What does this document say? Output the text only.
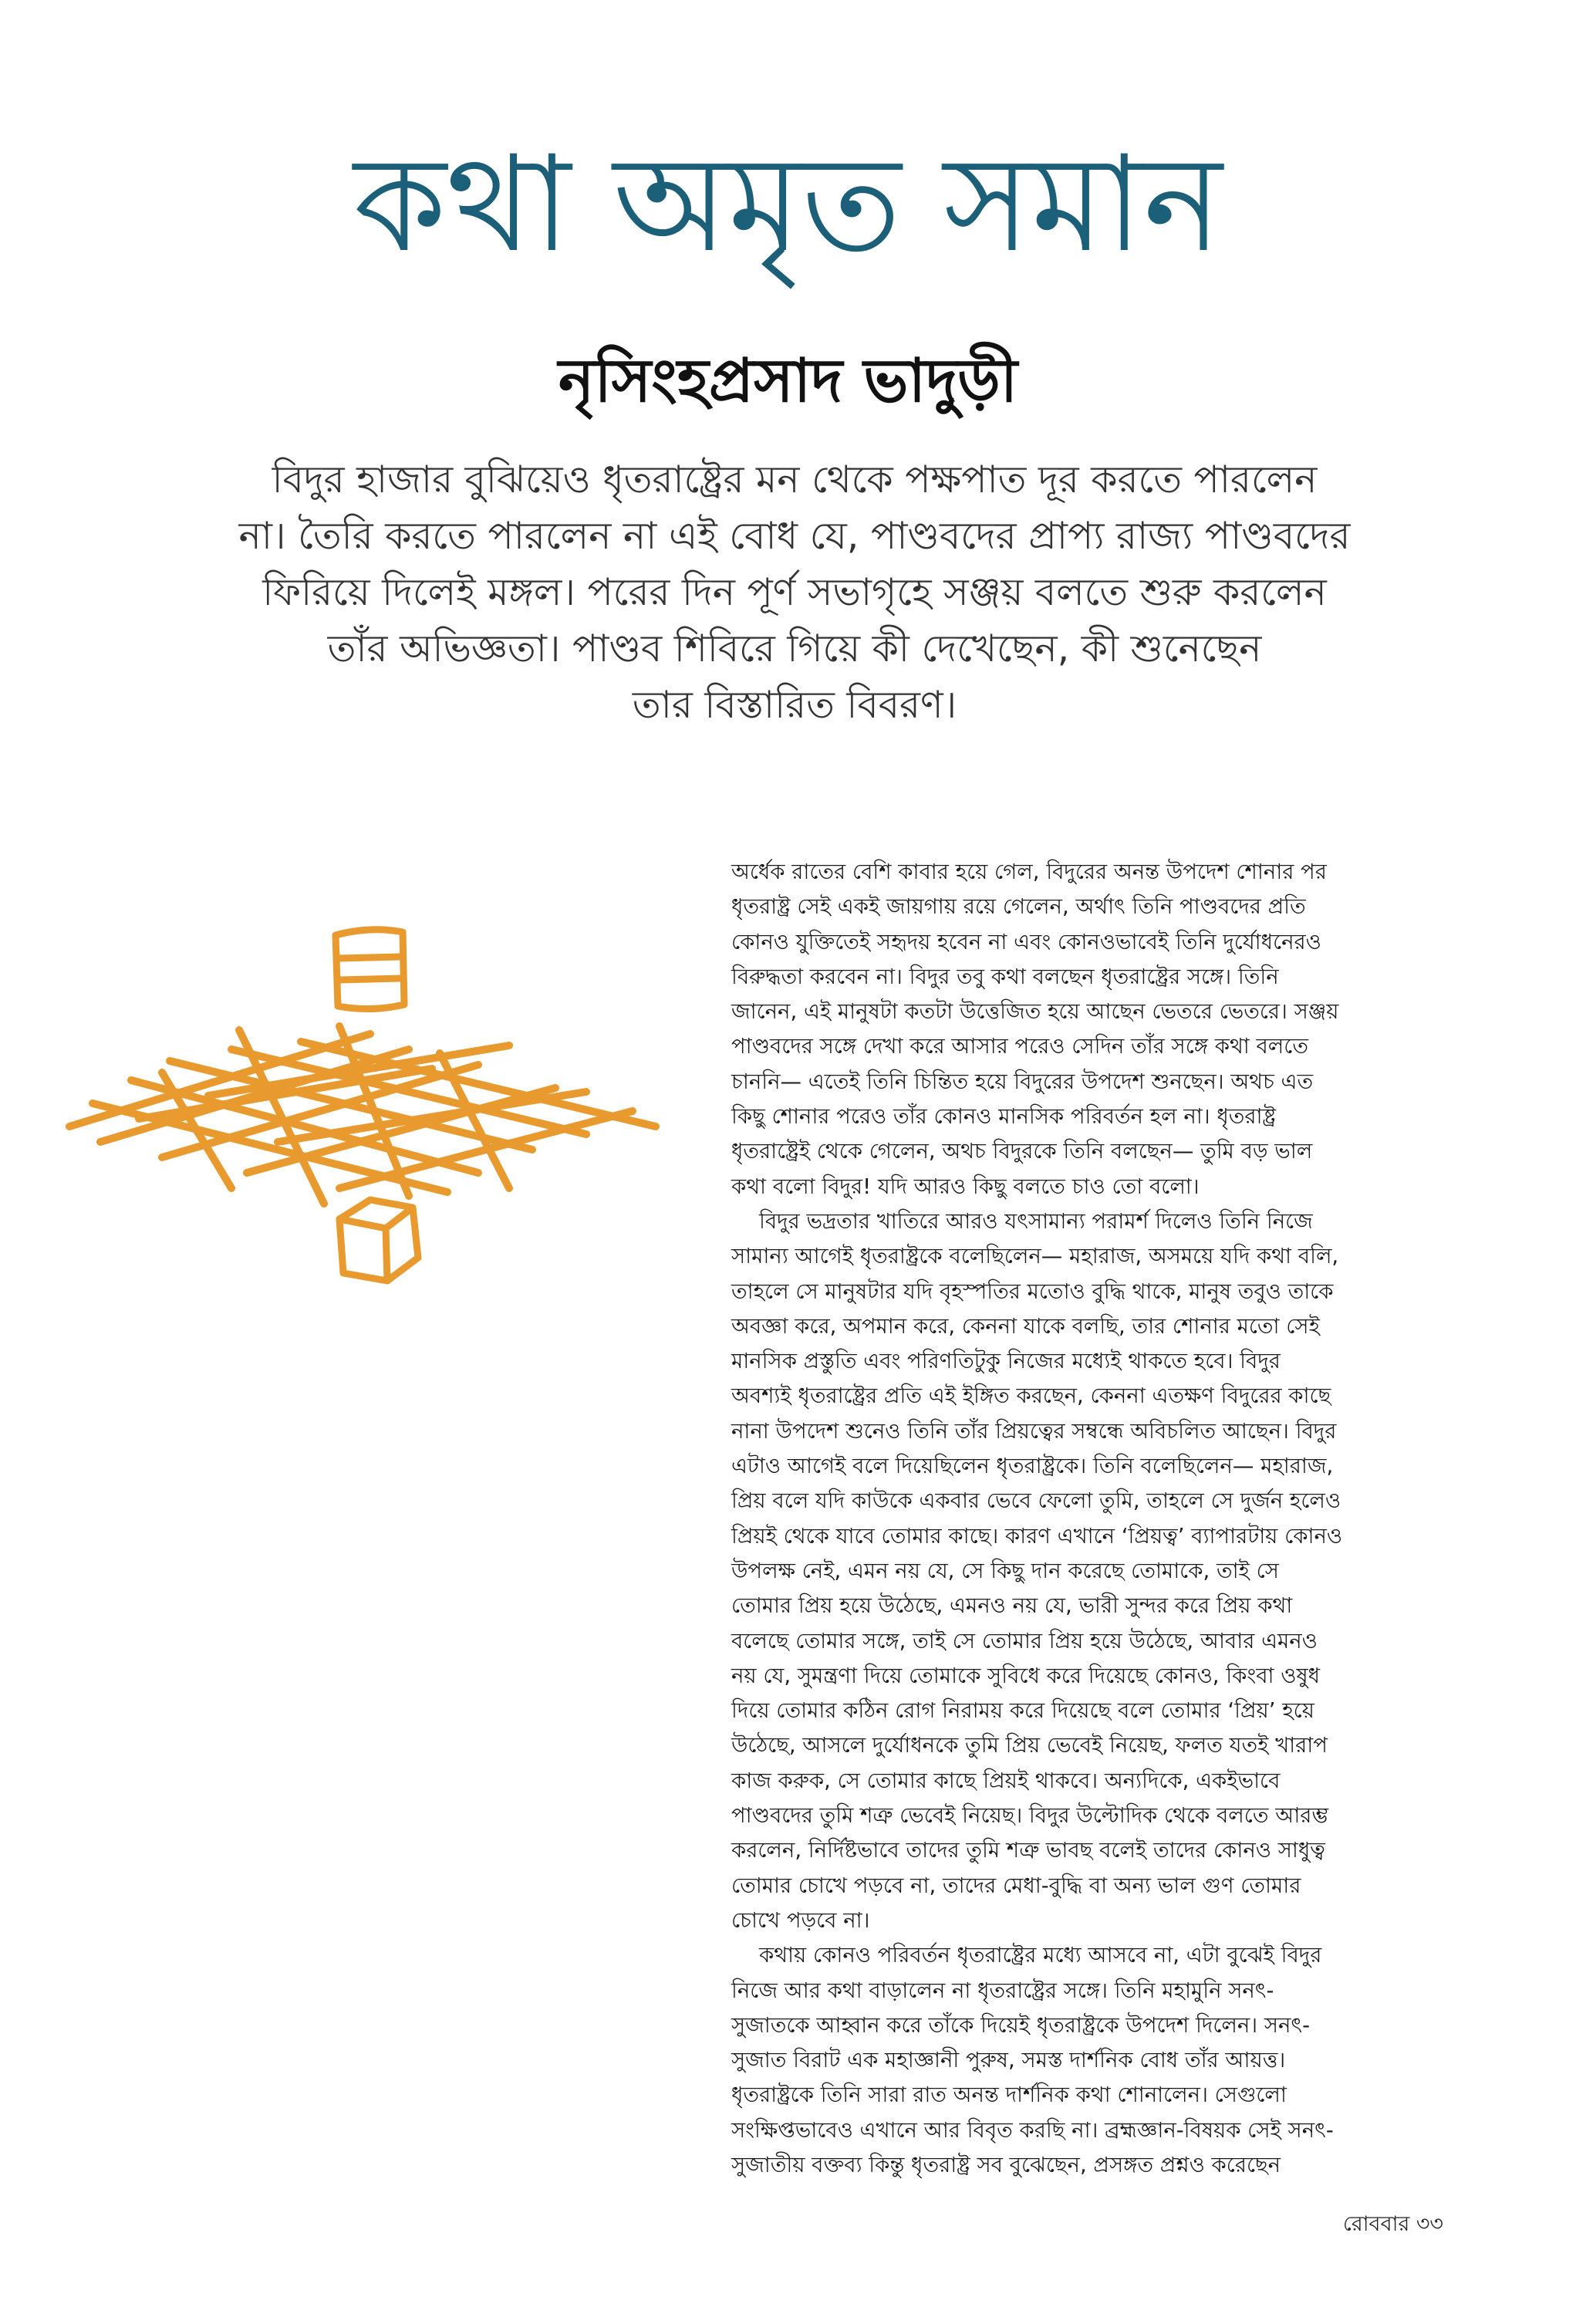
কথা অমৃত সমান
নৃসিংহপ্রসাদ ভাদুড়ী
বিদুর হাজার বুঝিয়েও ধৃতরাষ্ট্রের মন থেকে পক্ষপাত দূর করতে পারলেন
না। তৈরি করতে পারলেন না এই বোধ যে, পাণ্ডবদের প্রাপ্য রাজ্য পাণ্ডবদের
ফিরিয়ে দিলেই মঙ্গল। পরের দিন পূর্ণ সভাগৃহে সঞ্জয় বলতে শুরু করলেন
তাঁর অভিজ্ঞতা। পাণ্ডব শিবিরে গিয়ে কী দেখেছেন, কী শুনেছেন
তার বিস্তারিত বিবরণ।
অর্ধেক রাতের বেশি কাবার হয়ে গেল, বিদুরের অনন্ত উপদেশ শোনার পর
ধৃতরাষ্ট্র সেই একই জায়গায় রয়ে গেলেন, অর্থাৎ তিনি পাণ্ডবদের প্রতি
কোনও যুক্তিতেই সহৃদয় হবেন না এবং কোনওভাবেই তিনি দুর্যোধনেরও
বিরুদ্ধতা করবেন না। বিদুর তবু কথা বলছেন ধৃতরাষ্ট্রের সঙ্গে। তিনি
জানেন, এই মানুষটা কতটা উত্তেজিত হয়ে আছেন ভেতরে ভেতরে। সঞ্জয়
পাণ্ডবদের সঙ্গে দেখা করে আসার পরেও সেদিন তাঁর সঙ্গে কথা বলতে
চাননি— এতেই তিনি চিন্তিত হয়ে বিদুরের উপদেশ শুনছেন। অথচ এত
কিছু শোনার পরেও তাঁর কোনও মানসিক পরিবর্তন হল না। ধৃতরাষ্ট্র
ধৃতরাষ্ট্রেই থেকে গেলেন, অথচ বিদুরকে তিনি বলছেন— তুমি বড় ভাল
কথা বলো বিদুর! যদি আরও কিছু বলতে চাও তো বলো।
বিদুর ভদ্রতার খাতিরে আরও যৎসামান্য পরামর্শ দিলেও তিনি নিজে
সামান্য আগেই ধৃতরাষ্ট্রকে বলেছিলেন— মহারাজ, অসময়ে যদি কথা বলি,
তাহলে সে মানুষটার যদি বৃহস্পতির মতোও বুদ্ধি থাকে, মানুষ তবুও তাকে
অবজ্ঞা করে, অপমান করে, কেননা যাকে বলছি, তার শোনার মতো সেই
মানসিক প্রস্তুতি এবং পরিণতিটুকু নিজের মধ্যেই থাকতে হবে। বিদুর
অবশ্যই ধৃতরাষ্ট্রের প্রতি এই ইঙ্গিত করছেন, কেননা এতক্ষণ বিদুরের কাছে
নানা উপদেশ শুনেও তিনি তাঁর প্রিয়ত্বের সম্বন্ধে অবিচলিত আছেন। বিদুর
এটাও আগেই বলে দিয়েছিলেন ধৃতরাষ্ট্রকে। তিনি বলেছিলেন— মহারাজ,
প্রিয় বলে যদি কাউকে একবার ভেবে ফেলো তুমি, তাহলে সে দুর্জন হলেও
প্রিয়ই থেকে যাবে তোমার কাছে। কারণ এখানে ‘প্রিয়ত্ব’ ব্যাপারটায় কোনও
উপলক্ষ নেই, এমন নয় যে, সে কিছু দান করেছে তোমাকে, তাই সে
তোমার প্রিয় হয়ে উঠেছে, এমনও নয় যে, ভারী সুন্দর করে প্রিয় কথা
বলেছে তোমার সঙ্গে, তাই সে তোমার প্রিয় হয়ে উঠেছে, আবার এমনও
নয় যে, সুমন্ত্রণা দিয়ে তোমাকে সুবিধে করে দিয়েছে কোনও, কিংবা ওষুধ
দিয়ে তোমার কঠিন রোগ নিরাময় করে দিয়েছে বলে তোমার ‘প্রিয়’ হয়ে
উঠেছে, আসলে দুর্যোধনকে তুমি প্রিয় ভেবেই নিয়েছ, ফলত যতই খারাপ
কাজ করুক, সে তোমার কাছে প্রিয়ই থাকবে। অন্যদিকে, একইভাবে
পাণ্ডবদের তুমি শত্রু ভেবেই নিয়েছ। বিদুর উল্টোদিক থেকে বলতে আরম্ভ
করলেন, নির্দিষ্টভাবে তাদের তুমি শত্রু ভাবছ বলেই তাদের কোনও সাধুত্ব
তোমার চোখে পড়বে না, তাদের মেধা-বুদ্ধি বা অন্য ভাল গুণ তোমার
চোখে পড়বে না।
কথায় কোনও পরিবর্তন ধৃতরাষ্ট্রের মধ্যে আসবে না, এটা বুঝেই বিদুর
নিজে আর কথা বাড়ালেন না ধৃতরাষ্ট্রের সঙ্গে। তিনি মহামুনি সনৎ-
সুজাতকে আহ্বান করে তাঁকে দিয়েই ধৃতরাষ্ট্রকে উপদেশ দিলেন। সনৎ-
সুজাত বিরাট এক মহাজ্ঞানী পুরুষ, সমস্ত দার্শনিক বোধ তাঁর আয়ত্ত।
ধৃতরাষ্ট্রকে তিনি সারা রাত অনন্ত দার্শনিক কথা শোনালেন। সেগুলো
সংক্ষিপ্তভাবেও এখানে আর বিবৃত করছি না। ব্রহ্মজ্ঞান-বিষয়ক সেই সনৎ-
সুজাতীয় বক্তব্য কিন্তু ধৃতরাষ্ট্র সব বুঝেছেন, প্রসঙ্গত প্রশ্নও করেছেন
রোববার ৩৩
